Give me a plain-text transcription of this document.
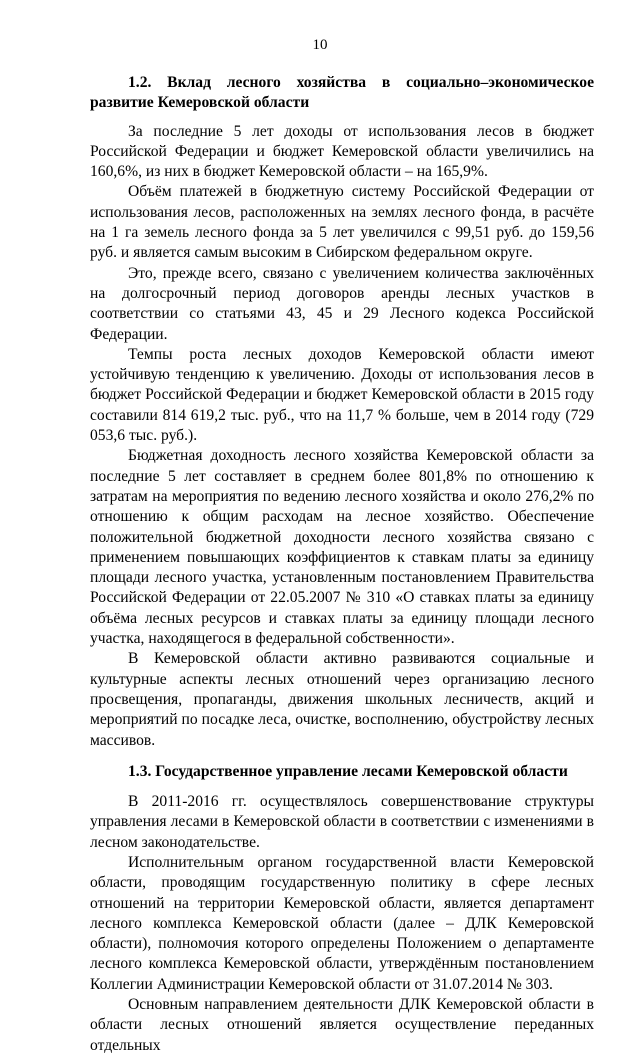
10

1.2. Вклад лесного хозяйства в социально–экономическое развитие Кемеровской области

За последние 5 лет доходы от использования лесов в бюджет Российской Федерации и бюджет Кемеровской области увеличились на 160,6%, из них в бюджет Кемеровской области – на 165,9%.

Объём платежей в бюджетную систему Российской Федерации от использования лесов, расположенных на землях лесного фонда, в расчёте на 1 га земель лесного фонда за 5 лет увеличился с 99,51 руб. до 159,56 руб. и является самым высоким в Сибирском федеральном округе.

Это, прежде всего, связано с увеличением количества заключённых на долгосрочный период договоров аренды лесных участков в соответствии со статьями 43, 45 и 29 Лесного кодекса Российской Федерации.

Темпы роста лесных доходов Кемеровской области имеют устойчивую тенденцию к увеличению. Доходы от использования лесов в бюджет Российской Федерации и бюджет Кемеровской области в 2015 году составили 814 619,2 тыс. руб., что на 11,7 % больше, чем в 2014 году (729 053,6 тыс. руб.).

Бюджетная доходность лесного хозяйства Кемеровской области за последние 5 лет составляет в среднем более 801,8% по отношению к затратам на мероприятия по ведению лесного хозяйства и около 276,2% по отношению к общим расходам на лесное хозяйство. Обеспечение положительной бюджетной доходности лесного хозяйства связано с применением повышающих коэффициентов к ставкам платы за единицу площади лесного участка, установленным постановлением Правительства Российской Федерации от 22.05.2007 № 310 «О ставках платы за единицу объёма лесных ресурсов и ставках платы за единицу площади лесного участка, находящегося в федеральной собственности».

В Кемеровской области активно развиваются социальные и культурные аспекты лесных отношений через организацию лесного просвещения, пропаганды, движения школьных лесничеств, акций и мероприятий по посадке леса, очистке, восполнению, обустройству лесных массивов.

1.3. Государственное управление лесами Кемеровской области

В 2011-2016 гг. осуществлялось совершенствование структуры управления лесами в Кемеровской области в соответствии с изменениями в лесном законодательстве.

Исполнительным органом государственной власти Кемеровской области, проводящим государственную политику в сфере лесных отношений на территории Кемеровской области, является департамент лесного комплекса Кемеровской области (далее – ДЛК Кемеровской области), полномочия которого определены Положением о департаменте лесного комплекса Кемеровской области, утверждённым постановлением Коллегии Администрации Кемеровской области от 31.07.2014 № 303.

Основным направлением деятельности ДЛК Кемеровской области в области лесных отношений является осуществление переданных отдельных
